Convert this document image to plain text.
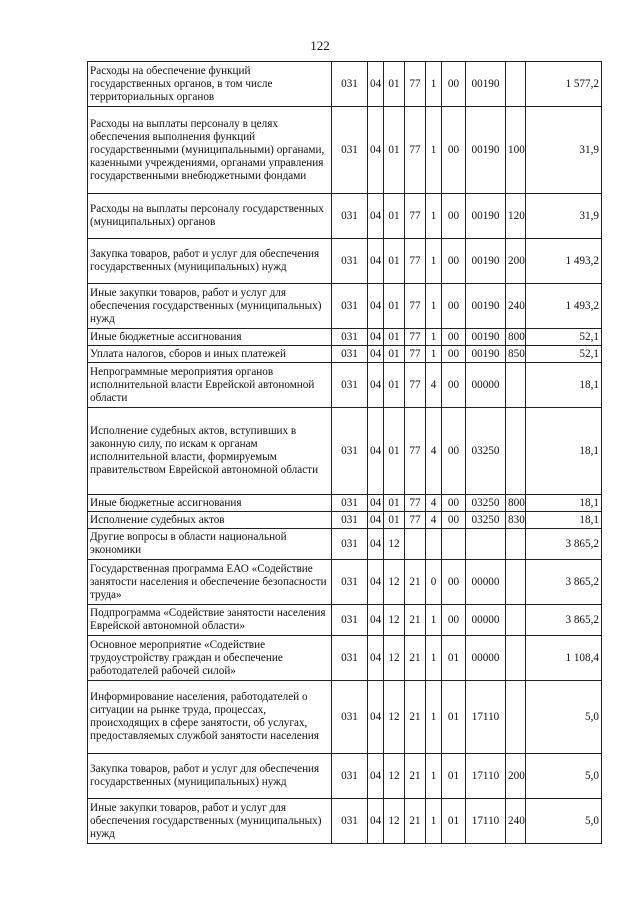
122
Расходы на обеспечение функций государственных органов, в том числе территориальных органов	031	04	01	77	1	00	00190		1 577,2
Расходы на выплаты персоналу в целях обеспечения выполнения функций государственными (муниципальными) органами, казенными учреждениями, органами управления государственными внебюджетными фондами	031	04	01	77	1	00	00190	100	31,9
Расходы на выплаты персоналу государственных (муниципальных) органов	031	04	01	77	1	00	00190	120	31,9
Закупка товаров, работ и услуг для обеспечения государственных (муниципальных) нужд	031	04	01	77	1	00	00190	200	1 493,2
Иные закупки товаров, работ и услуг для обеспечения государственных (муниципальных) нужд	031	04	01	77	1	00	00190	240	1 493,2
Иные бюджетные ассигнования	031	04	01	77	1	00	00190	800	52,1
Уплата налогов, сборов и иных платежей	031	04	01	77	1	00	00190	850	52,1
Непрограммные мероприятия органов исполнительной власти Еврейской автономной области	031	04	01	77	4	00	00000		18,1
Исполнение судебных актов, вступивших в законную силу, по искам к органам исполнительной власти, формируемым правительством Еврейской автономной области	031	04	01	77	4	00	03250		18,1
Иные бюджетные ассигнования	031	04	01	77	4	00	03250	800	18,1
Исполнение судебных актов	031	04	01	77	4	00	03250	830	18,1
Другие вопросы в области национальной экономики	031	04	12						3 865,2
Государственная программа ЕАО «Содействие занятости населения и обеспечение безопасности труда»	031	04	12	21	0	00	00000		3 865,2
Подпрограмма «Содействие занятости населения Еврейской автономной области»	031	04	12	21	1	00	00000		3 865,2
Основное мероприятие «Содействие трудоустройству граждан и обеспечение работодателей рабочей силой»	031	04	12	21	1	01	00000		1 108,4
Информирование населения, работодателей о ситуации на рынке труда, процессах, происходящих в сфере занятости, об услугах, предоставляемых службой занятости населения	031	04	12	21	1	01	17110		5,0
Закупка товаров, работ и услуг для обеспечения государственных (муниципальных) нужд	031	04	12	21	1	01	17110	200	5,0
Иные закупки товаров, работ и услуг для обеспечения государственных (муниципальных) нужд	031	04	12	21	1	01	17110	240	5,0
